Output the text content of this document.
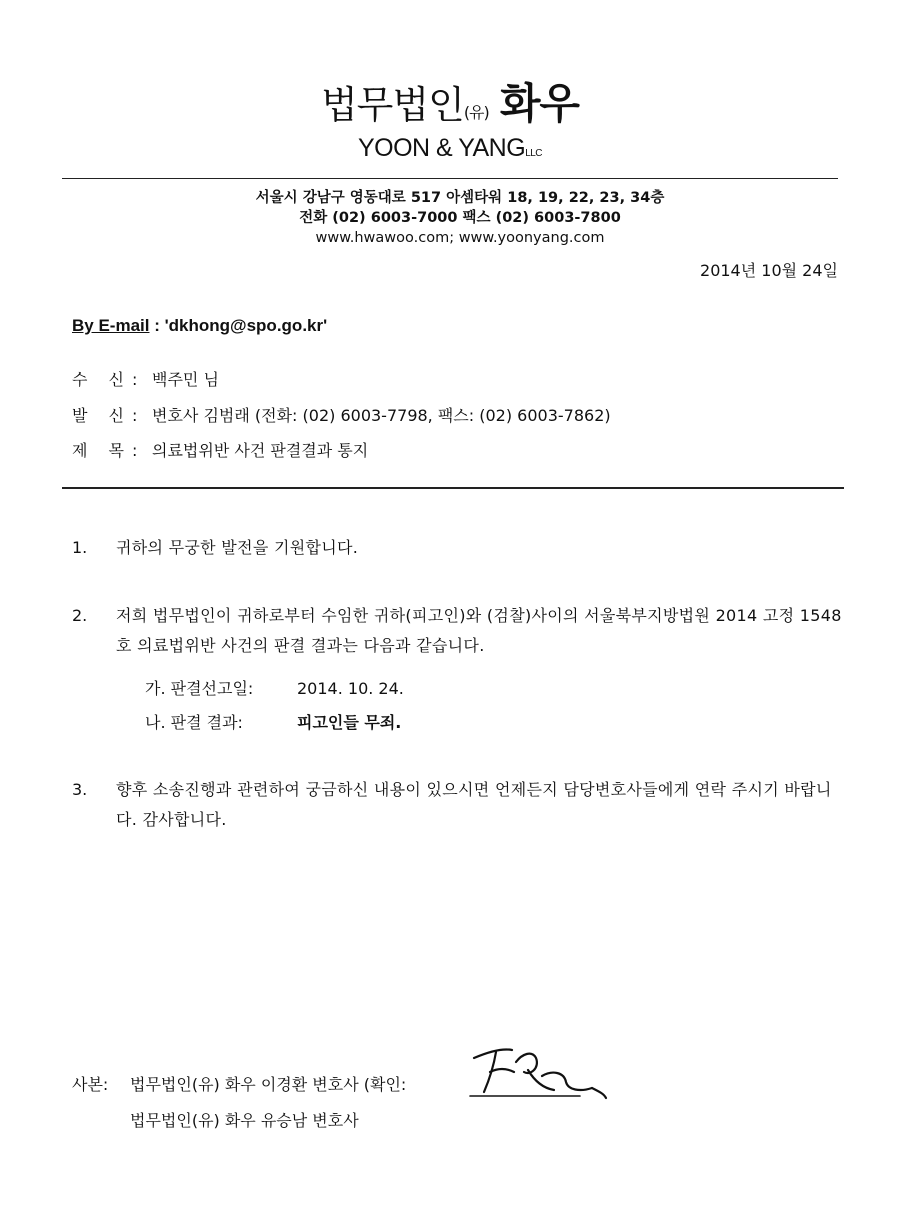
법무법인(유) 화우
YOON & YANGLLC
서울시 강남구 영동대로 517 아셈타워 18, 19, 22, 23, 34층
전화 (02) 6003-7000 팩스 (02) 6003-7800
www.hwawoo.com; www.yoonyang.com
2014년 10월 24일
By E-mail : 'dkhong@spo.go.kr'
수 신: 백주민 님
발 신: 변호사 김범래 (전화: (02) 6003-7798, 팩스: (02) 6003-7862)
제 목: 의료법위반 사건 판결결과 통지
1. 귀하의 무궁한 발전을 기원합니다.
2. 저희 법무법인이 귀하로부터 수임한 귀하(피고인)와 (검찰)사이의 서울북부지방법원 2014 고정 1548호 의료법위반 사건의 판결 결과는 다음과 같습니다.
가. 판결선고일:	2014. 10. 24.
나. 판결 결과:	피고인들 무죄.
3. 향후 소송진행과 관련하여 궁금하신 내용이 있으시면 언제든지 담당변호사들에게 연락 주시기 바랍니다. 감사합니다.
사본: 법무법인(유) 화우 이경환 변호사 (확인:
법무법인(유) 화우 유승남 변호사
